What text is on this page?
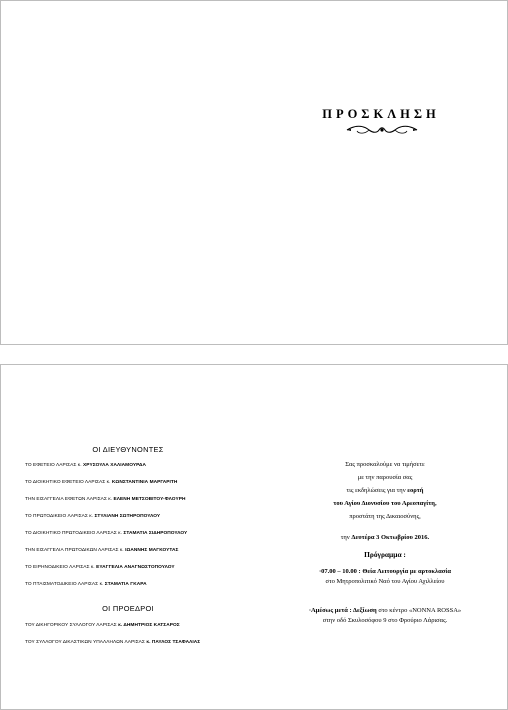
ΠΡΟΣΚΛΗΣΗ
ΟΙ ΔΙΕΥΘΥΝΟΝΤΕΣ
ΤΟ ΕΦΕΤΕΙΟ ΛΑΡΙΣΑΣ κ. ΧΡΥΣΟΥΛΑ ΧΑΛΙΑΜΟΥΡΔΑ
ΤΟ ΔΙΟΙΚΗΤΙΚΟ ΕΦΕΤΕΙΟ ΛΑΡΙΣΑΣ κ. ΚΩΝΣΤΑΝΤΙΝΙΑ ΜΑΡΓΑΡΙΤΗ
ΤΗΝ ΕΙΣΑΓΓΕΛΙΑ ΕΦΕΤΩΝ ΛΑΡΙΣΑΣ κ. ΕΛΕΝΗ ΜΕΤΣΟΒΙΤΟΥ-ΦΛΟΥΡΗ
ΤΟ ΠΡΩΤΟΔΙΚΕΙΟ ΛΑΡΙΣΑΣ κ. ΣΤΥΛΙΑΝΗ ΣΩΤΗΡΟΠΟΥΛΟΥ
ΤΟ ΔΙΟΙΚΗΤΙΚΟ ΠΡΩΤΟΔΙΚΕΙΟ ΛΑΡΙΣΑΣ κ. ΣΤΑΜΑΤΙΑ ΣΙΔΗΡΟΠΟΥΛΟΥ
ΤΗΝ ΕΙΣΑΓΓΕΛΙΑ ΠΡΩΤΟΔΙΚΩΝ ΛΑΡΙΣΑΣ κ. ΙΩΑΝΝΗΣ ΜΑΓΚΟΥΤΑΣ
ΤΟ ΕΙΡΗΝΟΔΙΚΕΙΟ ΛΑΡΙΣΑΣ κ. ΕΥΑΓΓΕΛΙΑ ΑΝΑΓΝΩΣΤΟΠΟΥΛΟΥ
ΤΟ ΠΤΑΙΣΜΑΤΟΔΙΚΕΙΟ ΛΑΡΙΣΑΣ κ. ΣΤΑΜΑΤΙΑ ΓΚΑΡΑ
ΟΙ ΠΡΟΕΔΡΟΙ
ΤΟΥ ΔΙΚΗΓΟΡΙΚΟΥ ΣΥΛΛΟΓΟΥ ΛΑΡΙΣΑΣ κ. ΔΗΜΗΤΡΙΟΣ ΚΑΤΣΑΡΟΣ
ΤΟΥ ΣΥΛΛΟΓΟΥ ΔΙΚΑΣΤΙΚΩΝ ΥΠΑΛΛΗΛΩΝ ΛΑΡΙΣΑΣ κ. ΠΑΥΛΟΣ ΤΣΑΦΑΛΙΑΣ
Σας προσκαλούμε να τιμήσετε
με την παρουσία σας
τις εκδηλώσεις για την εορτή
του Αγίου Διονυσίου του Αρεοπαγίτη,
προστάτη της Δικαιοσύνης,
την Δευτέρα 3 Οκτωβρίου 2016.
Πρόγραμμα :
·07.00 – 10.00 : Θεία Λειτουργία με αρτοκλασία
στο Μητροπολιτικό Ναό του Αγίου Αχιλλείου
·Αμέσως μετά : Δεξίωση στο κέντρο «NONNA ROSSA»
στην οδό Σκυλοσόφου 9 στο Φρούριο Λάρισας.
